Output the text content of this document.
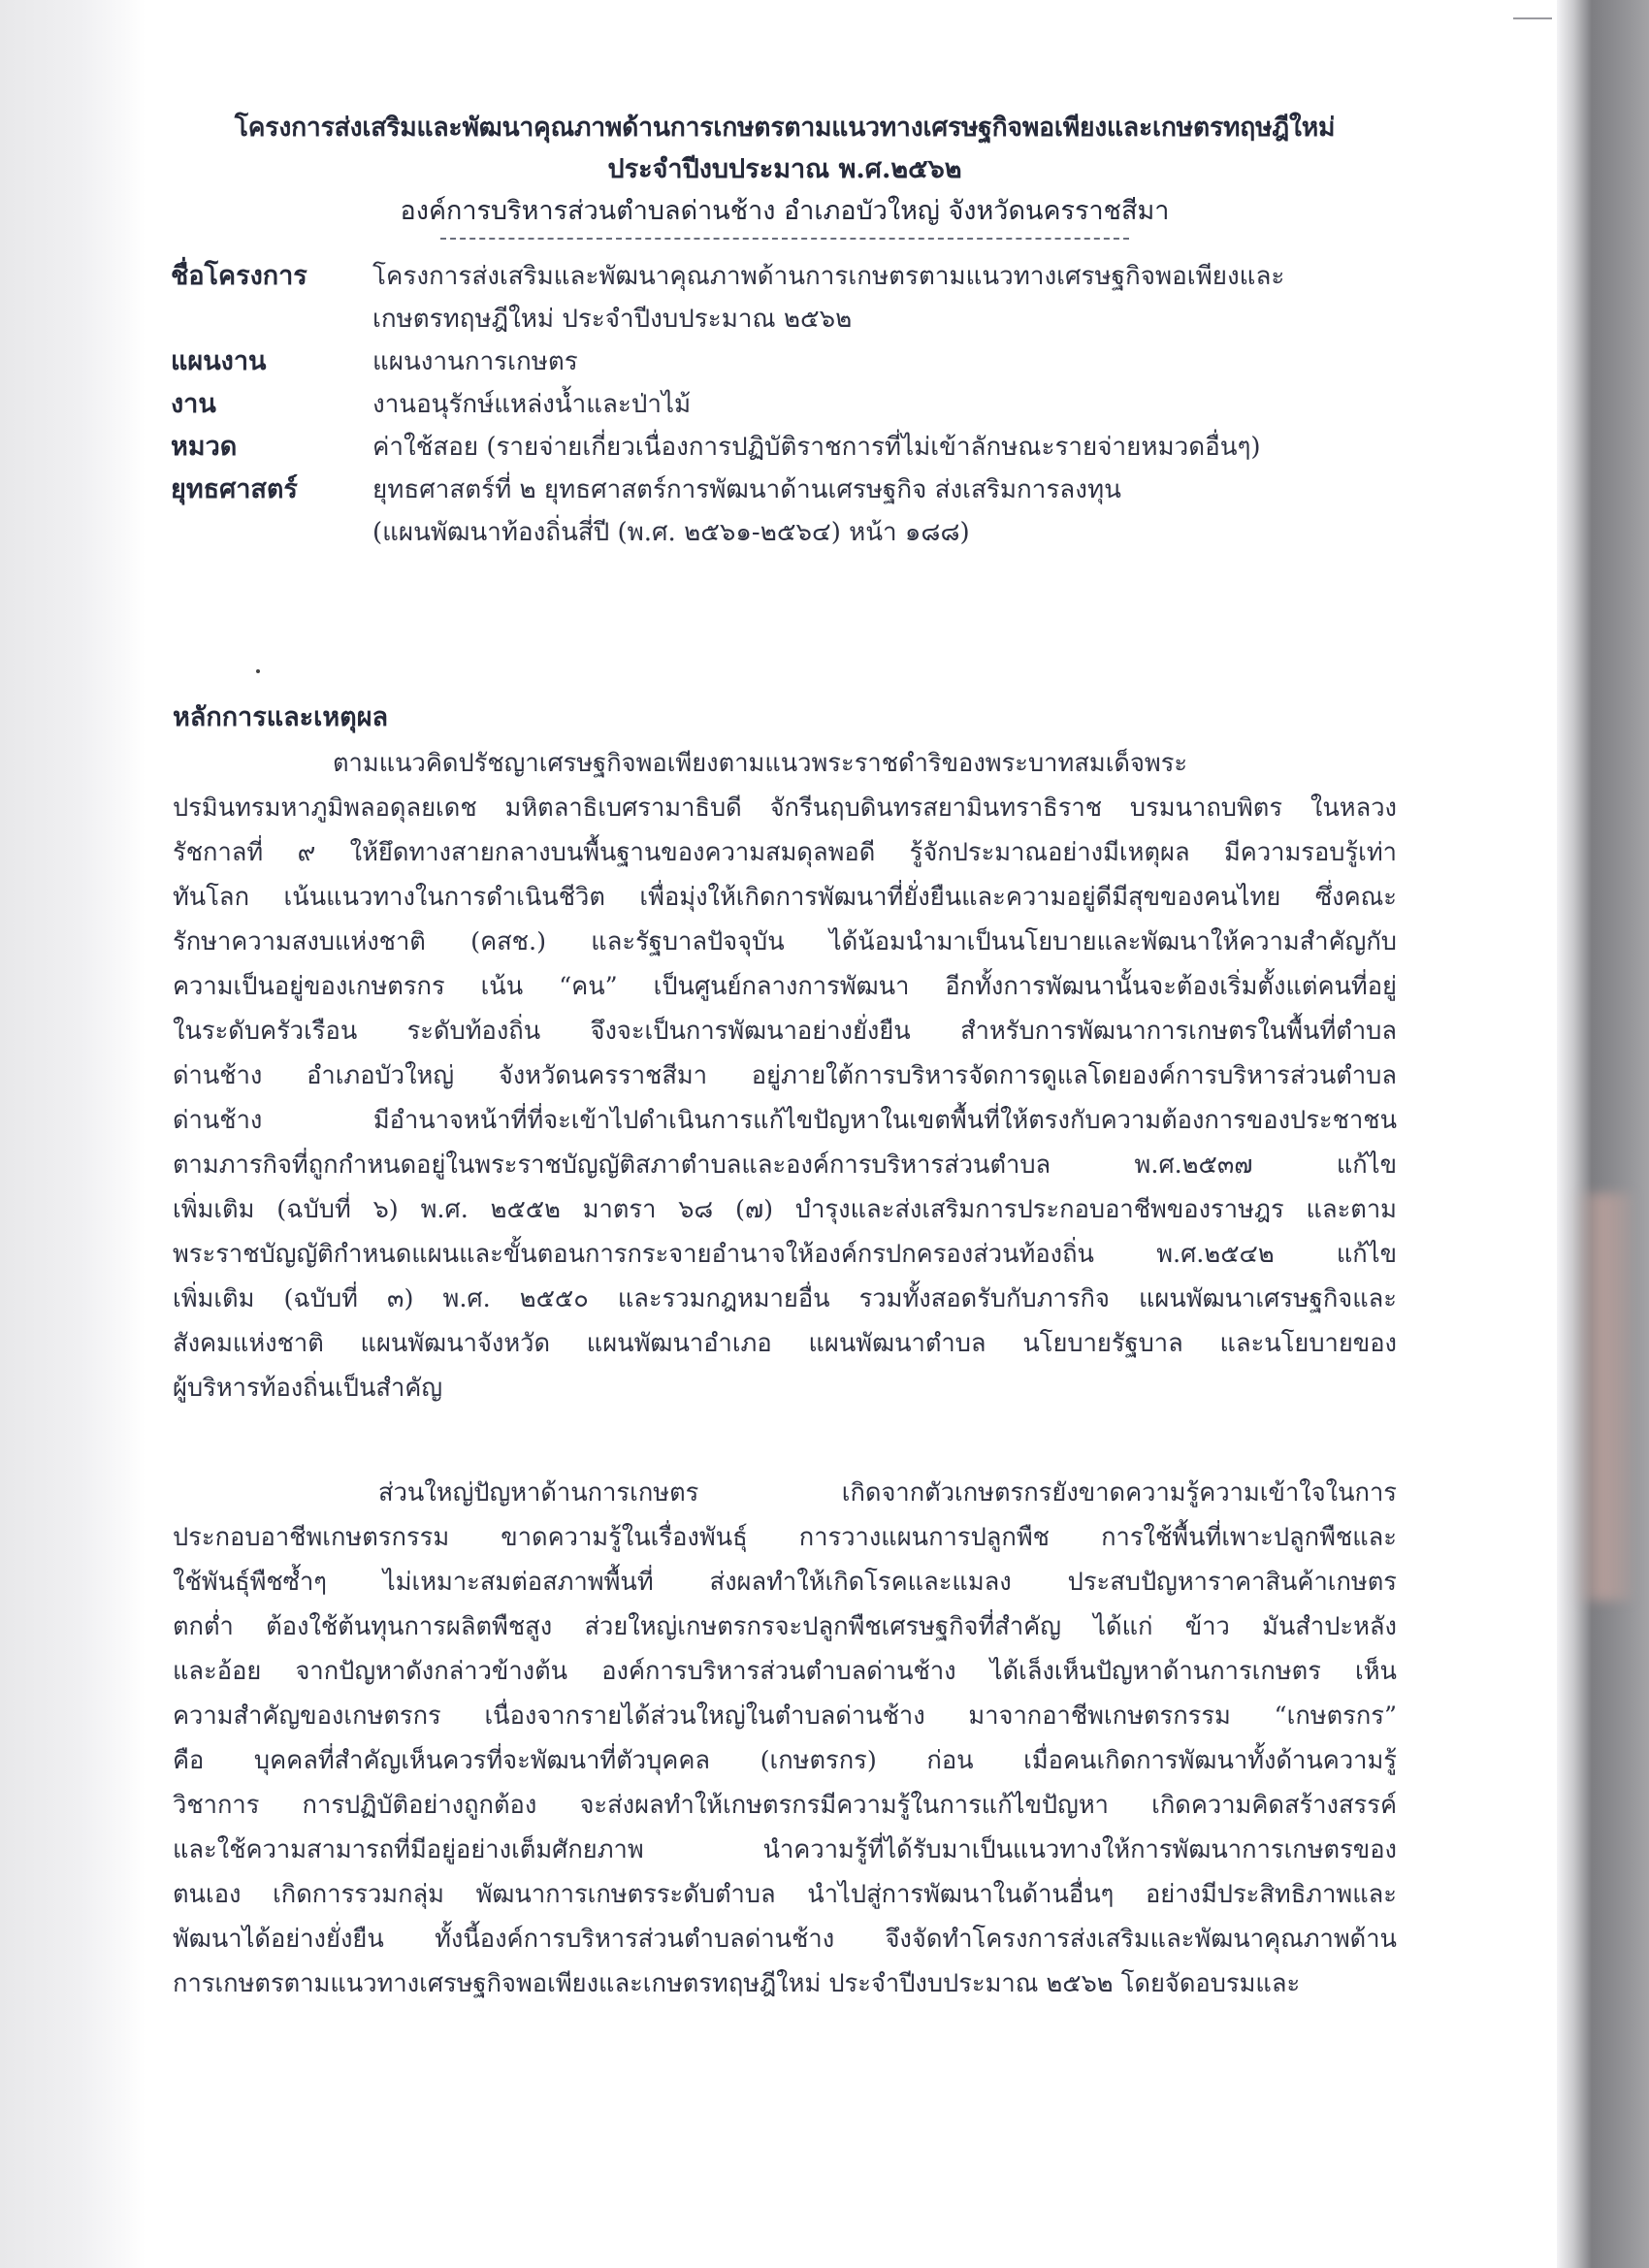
โครงการส่งเสริมและพัฒนาคุณภาพด้านการเกษตรตามแนวทางเศรษฐกิจพอเพียงและเกษตรทฤษฎีใหม่

ประจำปีงบประมาณ พ.ศ.๒๕๖๒

องค์การบริหารส่วนตำบลด่านช้าง อำเภอบัวใหญ่ จังหวัดนครราชสีมา

ชื่อโครงการ	โครงการส่งเสริมและพัฒนาคุณภาพด้านการเกษตรตามแนวทางเศรษฐกิจพอเพียงและ
เกษตรทฤษฎีใหม่ ประจำปีงบประมาณ ๒๕๖๒
แผนงาน	แผนงานการเกษตร
งาน	งานอนุรักษ์แหล่งน้ำและป่าไม้
หมวด	ค่าใช้สอย (รายจ่ายเกี่ยวเนื่องการปฏิบัติราชการที่ไม่เข้าลักษณะรายจ่ายหมวดอื่นๆ)
ยุทธศาสตร์	ยุทธศาสตร์ที่ ๒ ยุทธศาสตร์การพัฒนาด้านเศรษฐกิจ ส่งเสริมการลงทุน
(แผนพัฒนาท้องถิ่นสี่ปี (พ.ศ. ๒๕๖๑-๒๕๖๔) หน้า ๑๘๘)
หลักการและเหตุผล
ตามแนวคิดปรัชญาเศรษฐกิจพอเพียงตามแนวพระราชดำริของพระบาทสมเด็จพระ
ปรมินทรมหาภูมิพลอดุลยเดช มหิตลาธิเบศรามาธิบดี จักรีนฤบดินทรสยามินทราธิราช บรมนาถบพิตร ในหลวง
รัชกาลที่ ๙ ให้ยึดทางสายกลางบนพื้นฐานของความสมดุลพอดี รู้จักประมาณอย่างมีเหตุผล มีความรอบรู้เท่า
ทันโลก เน้นแนวทางในการดำเนินชีวิต เพื่อมุ่งให้เกิดการพัฒนาที่ยั่งยืนและความอยู่ดีมีสุขของคนไทย ซึ่งคณะ
รักษาความสงบแห่งชาติ (คสช.) และรัฐบาลปัจจุบัน ได้น้อมนำมาเป็นนโยบายและพัฒนาให้ความสำคัญกับ
ความเป็นอยู่ของเกษตรกร เน้น “คน” เป็นศูนย์กลางการพัฒนา อีกทั้งการพัฒนานั้นจะต้องเริ่มตั้งแต่คนที่อยู่
ในระดับครัวเรือน ระดับท้องถิ่น จึงจะเป็นการพัฒนาอย่างยั่งยืน สำหรับการพัฒนาการเกษตรในพื้นที่ตำบล
ด่านช้าง อำเภอบัวใหญ่ จังหวัดนครราชสีมา อยู่ภายใต้การบริหารจัดการดูแลโดยองค์การบริหารส่วนตำบล
ด่านช้าง มีอำนาจหน้าที่ที่จะเข้าไปดำเนินการแก้ไขปัญหาในเขตพื้นที่ให้ตรงกับความต้องการของประชาชน
ตามภารกิจที่ถูกกำหนดอยู่ในพระราชบัญญัติสภาตำบลและองค์การบริหารส่วนตำบล พ.ศ.๒๕๓๗ แก้ไข
เพิ่มเติม (ฉบับที่ ๖) พ.ศ. ๒๕๕๒ มาตรา ๖๘ (๗) บำรุงและส่งเสริมการประกอบอาชีพของราษฎร และตาม
พระราชบัญญัติกำหนดแผนและขั้นตอนการกระจายอำนาจให้องค์กรปกครองส่วนท้องถิ่น พ.ศ.๒๕๔๒ แก้ไข
เพิ่มเติม (ฉบับที่ ๓) พ.ศ. ๒๕๕๐ และรวมกฎหมายอื่น รวมทั้งสอดรับกับภารกิจ แผนพัฒนาเศรษฐกิจและ
สังคมแห่งชาติ แผนพัฒนาจังหวัด แผนพัฒนาอำเภอ แผนพัฒนาตำบล นโยบายรัฐบาล และนโยบายของ
ผู้บริหารท้องถิ่นเป็นสำคัญ
ส่วนใหญ่ปัญหาด้านการเกษตร เกิดจากตัวเกษตรกรยังขาดความรู้ความเข้าใจในการ
ประกอบอาชีพเกษตรกรรม ขาดความรู้ในเรื่องพันธุ์ การวางแผนการปลูกพืช การใช้พื้นที่เพาะปลูกพืชและ
ใช้พันธุ์พืชซ้ำๆ ไม่เหมาะสมต่อสภาพพื้นที่ ส่งผลทำให้เกิดโรคและแมลง ประสบปัญหาราคาสินค้าเกษตร
ตกต่ำ ต้องใช้ต้นทุนการผลิตพืชสูง ส่วยใหญ่เกษตรกรจะปลูกพืชเศรษฐกิจที่สำคัญ ได้แก่ ข้าว มันสำปะหลัง
และอ้อย จากปัญหาดังกล่าวข้างต้น องค์การบริหารส่วนตำบลด่านช้าง ได้เล็งเห็นปัญหาด้านการเกษตร เห็น
ความสำคัญของเกษตรกร เนื่องจากรายได้ส่วนใหญ่ในตำบลด่านช้าง มาจากอาชีพเกษตรกรรม “เกษตรกร”
คือ บุคคลที่สำคัญเห็นควรที่จะพัฒนาที่ตัวบุคคล (เกษตรกร) ก่อน เมื่อคนเกิดการพัฒนาทั้งด้านความรู้
วิชาการ การปฏิบัติอย่างถูกต้อง จะส่งผลทำให้เกษตรกรมีความรู้ในการแก้ไขปัญหา เกิดความคิดสร้างสรรค์
และใช้ความสามารถที่มีอยู่อย่างเต็มศักยภาพ นำความรู้ที่ได้รับมาเป็นแนวทางให้การพัฒนาการเกษตรของ
ตนเอง เกิดการรวมกลุ่ม พัฒนาการเกษตรระดับตำบล นำไปสู่การพัฒนาในด้านอื่นๆ อย่างมีประสิทธิภาพและ
พัฒนาได้อย่างยั่งยืน ทั้งนี้องค์การบริหารส่วนตำบลด่านช้าง จึงจัดทำโครงการส่งเสริมและพัฒนาคุณภาพด้าน
การเกษตรตามแนวทางเศรษฐกิจพอเพียงและเกษตรทฤษฎีใหม่ ประจำปีงบประมาณ ๒๕๖๒ โดยจัดอบรมและ
